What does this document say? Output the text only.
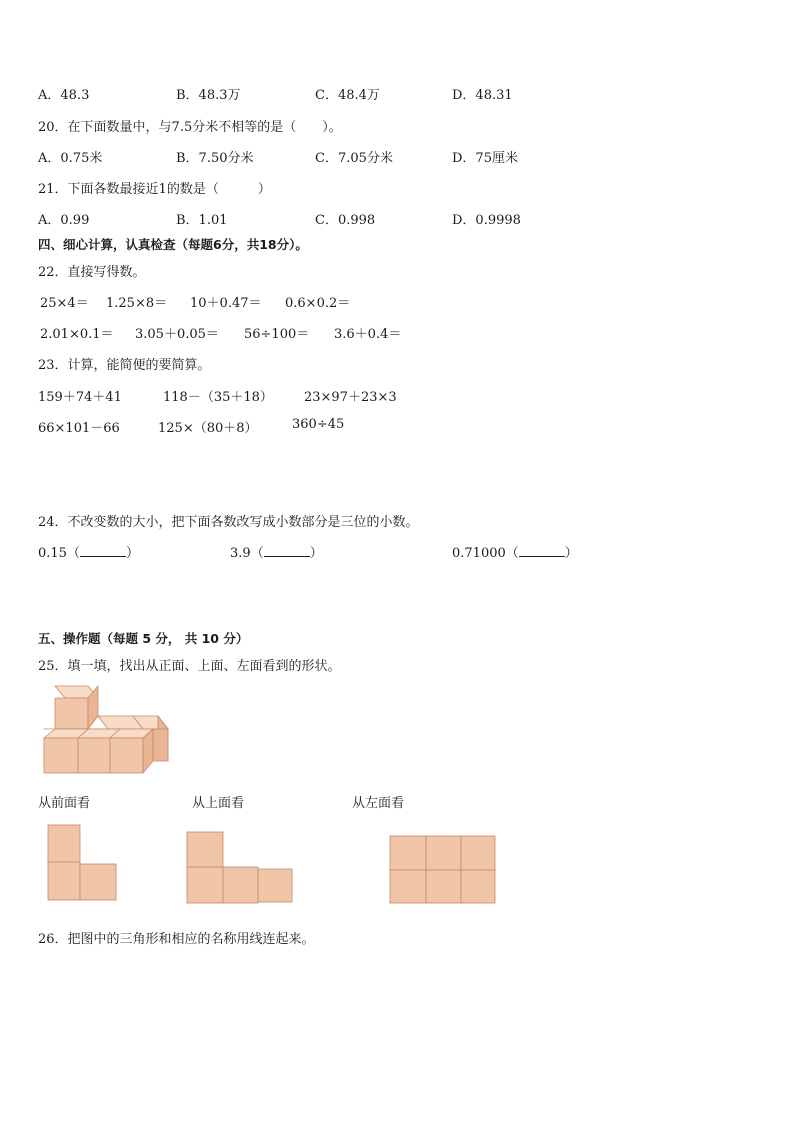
A．48.3	B．48.3万	C．48.4万	D．48.31
20．在下面数量中，与7.5分米不相等的是（　　）。
A．0.75米	B．7.50分米	C．7.05分米	D．75厘米
21．下面各数最接近1的数是（　　　）
A．0.99	B．1.01	C．0.998	D．0.9998
四、细心计算，认真检查（每题6分，共18分）。
22．直接写得数。
25×4＝ 1.25×8＝ 10＋0.47＝ 0.6×0.2＝
2.01×0.1＝ 3.05＋0.05＝ 56÷100＝ 3.6＋0.4＝
23．计算，能简便的要简算。
159＋74＋41	118－（35＋18） 23×97＋23×3
66×101－66	125×（80＋8）	360÷45
24．不改变数的大小，把下面各数改写成小数部分是三位的小数。
0.15（	）	3.9（	）	0.71000（	）
五、操作题（每题 5 分， 共 10 分）
25．填一填，找出从正面、上面、左面看到的形状。
从前面看	从上面看	从左面看
26．把图中的三角形和相应的名称用线连起来。
